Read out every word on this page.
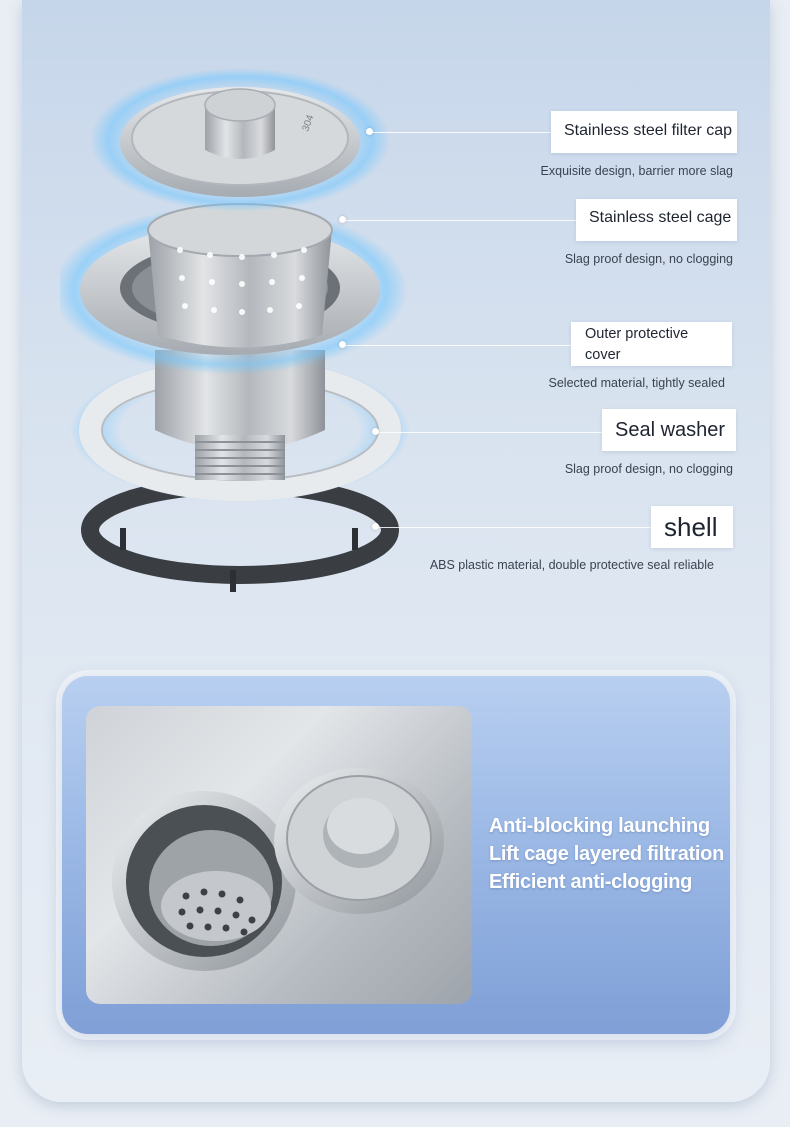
304	Stainless steel filter cap
Exquisite design, barrier more slag
Stainless steel cage
Slag proof design, no clogging
Outer protective
cover
Selected material, tightly sealed
Seal washer
Slag proof design, no clogging
shell
ABS plastic material, double protective seal reliable
Anti-blocking launching
Lift cage layered filtration
Efficient anti-clogging
